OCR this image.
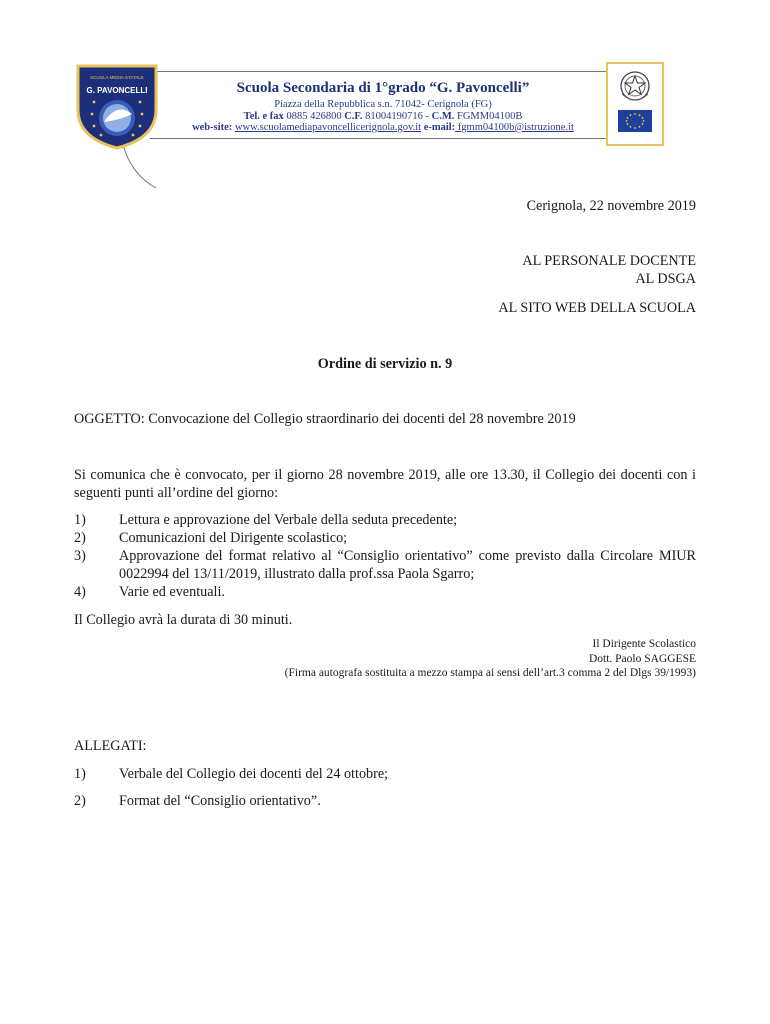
SCUOLA MEDIA STATALE
G. PAVONCELLI	Scuola Secondaria di 1°grado “G. Pavoncelli”
Piazza della Repubblica s.n. 71042- Cerignola (FG)
Tel. e fax 0885 426800 C.F. 81004190716 - C.M. FGMM04100B
web-site: www.scuolamediapavoncellicerignola.gov.it e-mail: fgmm04100b@istruzione.it
Cerignola, 22 novembre 2019
AL PERSONALE DOCENTE
AL DSGA
AL SITO WEB DELLA SCUOLA
Ordine di servizio n. 9
OGGETTO: Convocazione del Collegio straordinario dei docenti del 28 novembre 2019
Si comunica che è convocato, per il giorno 28 novembre 2019, alle ore 13.30, il Collegio dei docenti con i seguenti punti all’ordine del giorno:
1)	Lettura e approvazione del Verbale della seduta precedente;
2)	Comunicazioni del Dirigente scolastico;
3)	Approvazione del format relativo al “Consiglio orientativo” come previsto dalla Circolare MIUR 0022994 del 13/11/2019, illustrato dalla prof.ssa Paola Sgarro;
4)	Varie ed eventuali.
Il Collegio avrà la durata di 30 minuti.
Il Dirigente Scolastico
Dott. Paolo SAGGESE
(Firma autografa sostituita a mezzo stampa ai sensi dell’art.3 comma 2 del Dlgs 39/1993)
ALLEGATI:
1)	Verbale del Collegio dei docenti del 24 ottobre;
2)	Format del “Consiglio orientativo”.
